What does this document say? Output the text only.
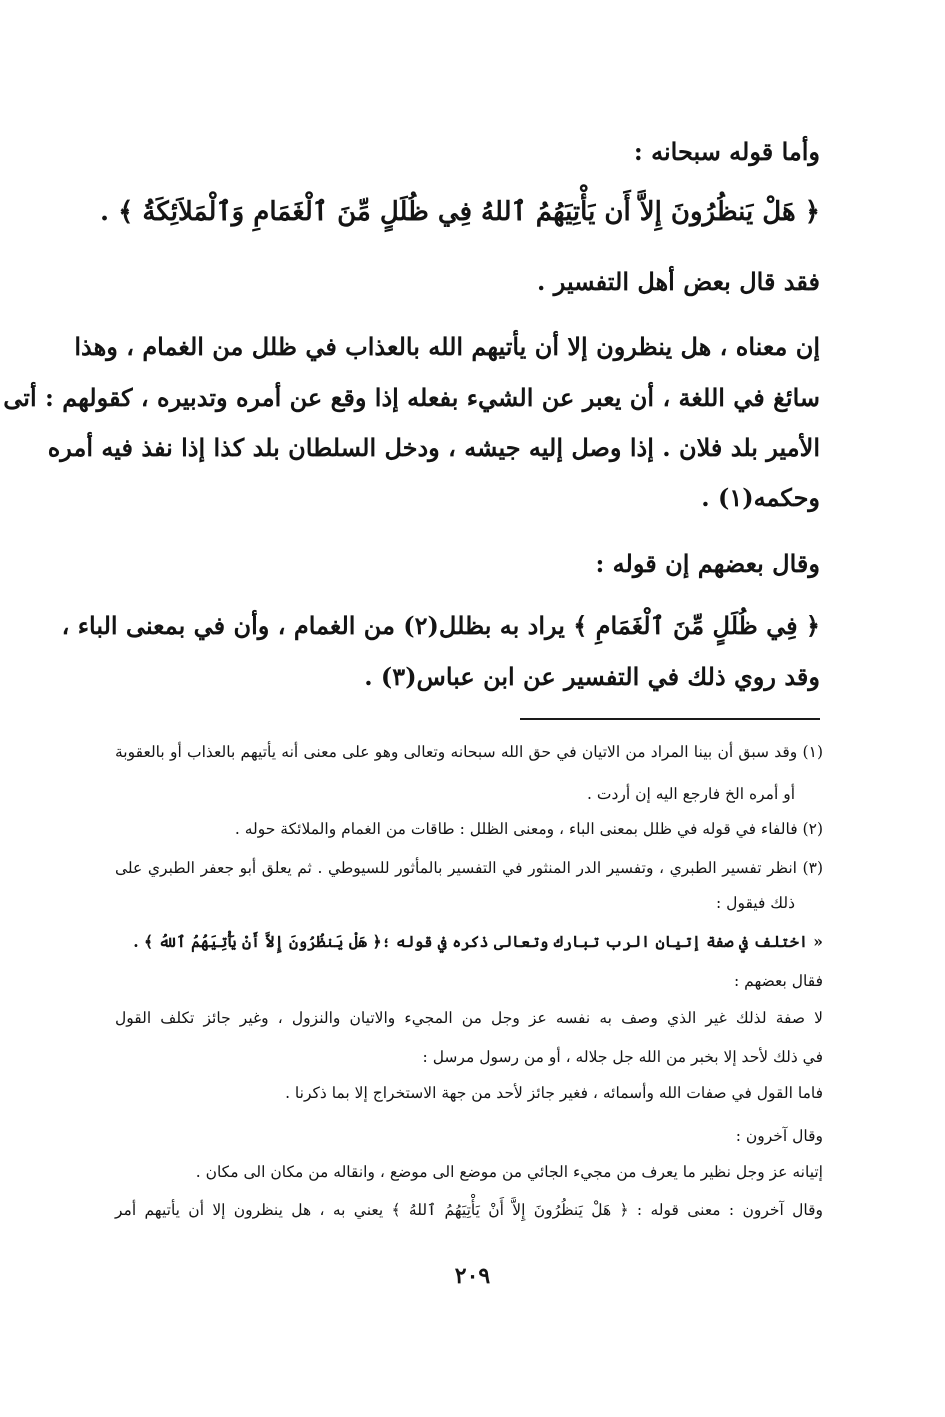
وأما قوله سبحانه :
﴿ هَلْ يَنظُرُونَ إِلاَّ أَن يَأْتِيَهُمُ ٱللهُ فِي ظُلَلٍ مِّنَ ٱلْغَمَامِ وَٱلْمَلاَئِكَةُ ﴾ .
فقد قال بعض أهل التفسير .
إن معناه ، هل ينظرون إلا أن يأتيهم الله بالعذاب في ظلل من الغمام ، وهذا
سائغ في اللغة ، أن يعبر عن الشيء بفعله إذا وقع عن أمره وتدبيره ، كقولهم : أتى
الأمير بلد فلان . إذا وصل إليه جيشه ، ودخل السلطان بلد كذا إذا نفذ فيه أمره
وحكمه(١) .
وقال بعضهم إن قوله :
﴿ فِي ظُلَلٍ مِّنَ ٱلْغَمَامِ ﴾ يراد به بظلل(٢) من الغمام ، وأن في بمعنى الباء ،
وقد روي ذلك في التفسير عن ابن عباس(٣) .
(١) وقد سبق أن بينا المراد من الاتيان في حق الله سبحانه وتعالى وهو على معنى أنه يأتيهم بالعذاب أو بالعقوبة
أو أمره الخ فارجع اليه إن أردت .
(٢) فالفاء في قوله في ظلل بمعنى الباء ، ومعنى الظلل : طاقات من الغمام والملائكة حوله .
(٣) انظر تفسير الطبري ، وتفسير الدر المنثور في التفسير بالمأثور للسيوطي . ثم يعلق أبو جعفر الطبري على
ذلك فيقول :
« اختلف في صفة إتيان الرب تبارك وتعالى ذكره في قوله ؛﴿ هَلْ يَنظُرُونَ إِلاَّ أَنْ يَأْتِيَهُمُ ٱللهُ ﴾ .
فقال بعضهم :
لا صفة لذلك غير الذي وصف به نفسه عز وجل من المجيء والاتيان والنزول ، وغير جائز تكلف القول
في ذلك لأحد إلا بخبر من الله جل جلاله ، أو من رسول مرسل :
فاما القول في صفات الله وأسمائه ، فغير جائز لأحد من جهة الاستخراج إلا بما ذكرنا .
وقال آخرون :
إتيانه عز وجل نظير ما يعرف من مجيء الجائي من موضع الى موضع ، وانقاله من مكان الى مكان .
وقال آخرون : معنى قوله : ﴿ هَلْ يَنظُرُونَ إِلاَّ أَنْ يَأْتِيَهُمُ ٱللهُ ﴾ يعني به ، هل ينظرون إلا أن يأتيهم أمر
٢٠٩
